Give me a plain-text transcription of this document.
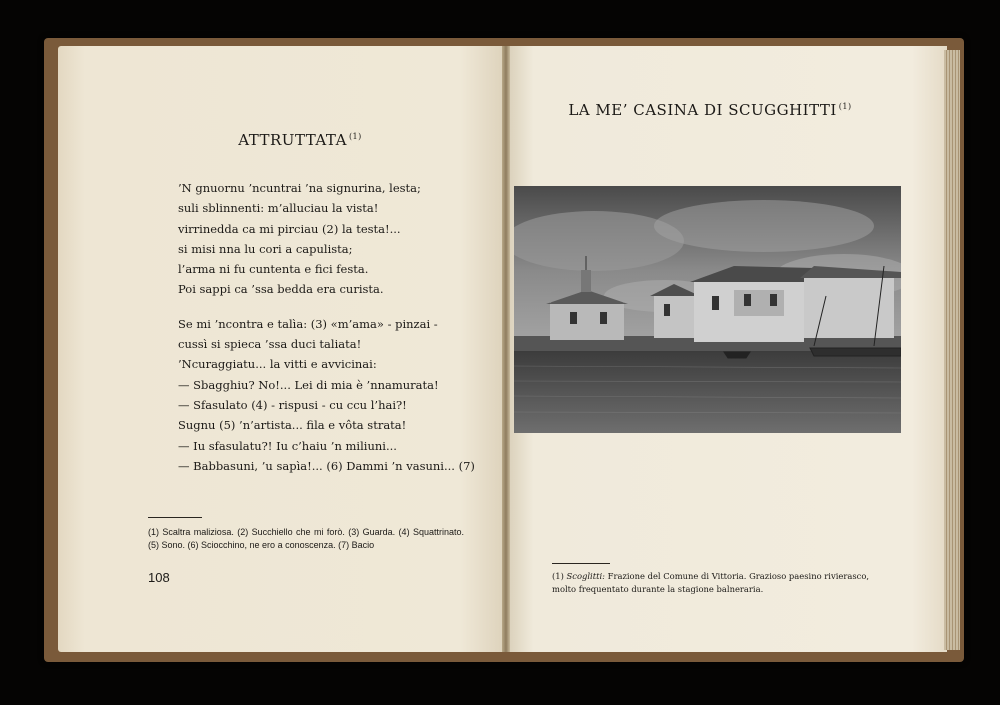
ATTRUTTATA $^{(1)}$
’N gnuornu ’ncuntrai ’na signurina, lesta;
suli sblinnenti: m’alluciau la vista!
virrinedda ca mi pirciau (2) la testa!...
si misi nna lu cori a capulista;
l’arma ni fu cuntenta e fici festa.
Poi sappi ca ’ssa bedda era curista.
Se mi ’ncontra e talìa: (3) «m’ama» - pinzai -
cussì si spieca ’ssa duci taliata!
’Ncuraggiatu... la vitti e avvicinai:
— Sbagghiu? No!... Lei di mia è ’nnamurata!
— Sfasulato (4) - rispusi - cu ccu l’hai?!
Sugnu (5) ’n’artista... fila e vôta strata!
— Iu sfasulatu?! Iu c’haiu ’n miliuni...
— Babbasuni, ’u sapìa!... (6) Dammi ’n vasuni... (7)
(1) Scaltra maliziosa. (2) Succhiello che mi forò. (3) Guarda. (4) Squattrinato. (5) Sono. (6) Sciocchino, ne ero a conoscenza. (7) Bacio
108
LA ME’ CASINA DI SCUGGHITTI $^{(1)}$
(1) Scoglitti: Frazione del Comune di Vittoria. Grazioso paesino rivierasco, molto frequentato durante la stagione balneraria.
